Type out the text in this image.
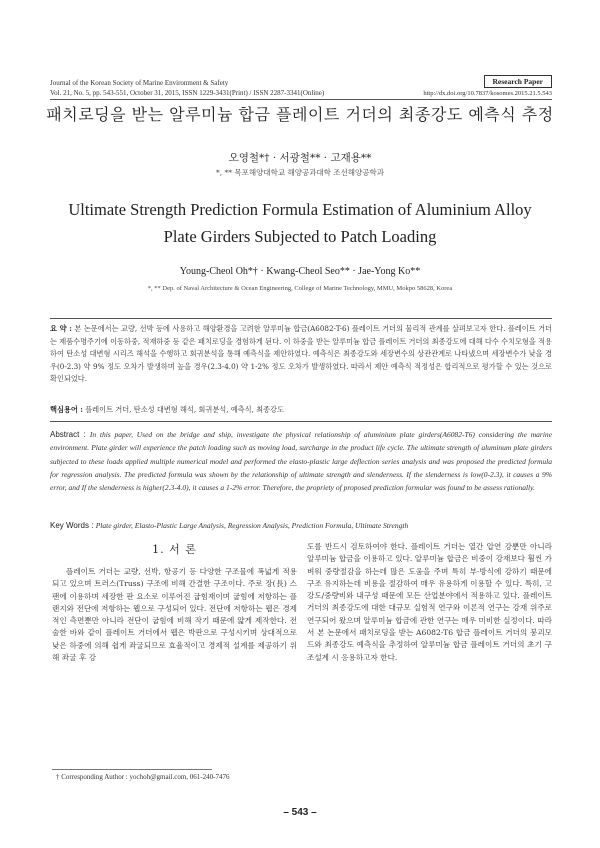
Journal of the Korean Society of Marine Environment & Safety
Vol. 21, No. 5, pp. 543-551, October 31, 2015, ISSN 1229-3431(Print) / ISSN 2287-3341(Online)
Research Paper
http://dx.doi.org/10.7837/kosomes.2015.21.5.543
패치로딩을 받는 알루미늄 합금 플레이트 거더의 최종강도 예측식 추정
오영철*† · 서광철** · 고재용**
*, ** 목포해양대학교 해양공과대학 조선해양공학과
Ultimate Strength Prediction Formula Estimation of Aluminium Alloy
Plate Girders Subjected to Patch Loading
Young-Cheol Oh*† · Kwang-Cheol Seo** · Jae-Yong Ko**
*, ** Dep. of Naval Architecture & Ocean Engineering, College of Marine Technology, MMU, Mokpo 58628, Korea
요 약 : 본 논문에서는 교량, 선박 등에 사용하고 해양환경을 고려한 알루미늄 합금(A6082-T-6) 플레이트 거더의 물리적 관계를 살펴보고자 한다. 플레이트 거더는 제품수명주기에 이동하중, 적재하중 등 같은 패치로딩을 경험하게 된다. 이 하중을 받는 알루미늄 합금 플레이트 거더의 최종강도에 대해 다수 수치모형을 적용하여 탄소성 대변형 시리즈 해석을 수행하고 회귀분석을 통해 예측식을 제안하였다. 예측식은 최종강도와 세장변수의 상관관계로 나타냈으며 세장변수가 낮을 경우(0-2.3) 약 9% 정도 오차가 발생하며 높을 경우(2.3-4.0) 약 1-2% 정도 오차가 발생하였다. 따라서 제안 예측식 적정성은 합리적으로 평가할 수 있는 것으로 확인되었다.
핵심용어 : 플레이트 거더, 탄소성 대변형 해석, 회귀분석, 예측식, 최종강도
Abstract : In this paper, Used on the bridge and ship, investigate the physical relationship of aluminium plate girders(A6082-T6) considering the marine environment. Plate girder will experience the patch loading such as moving load, surcharge in the product life cycle. The ultimate strength of aluminum plate girders subjected to these loads applied multiple numerical model and performed the elasto-plastic large deflection series analysis and was proposed the predicted formula for regression analysis. The predicted formula was shown by the relationship of ultimate strength and slenderness. If the slenderness is low(0-2.3), it causes a 9% error, and If the slenderness is higher(2.3-4.0), it causes a 1-2% error. Therefore, the propriety of proposed prediction formular was found to be assess rationally.
Key Words : Plate girder, Elasto-Plastic Large Analysis, Regression Analysis, Prediction Formula, Ultimate Strength
1. 서 론

플레이트 거더는 교량, 선박, 항공기 등 다양한 구조물에 폭넓게 적용되고 있으며 트러스(Truss) 구조에 비해 간결한 구조이다. 주로 장(長) 스팬에 이용하며 세장한 판 요소로 이루어진 굽힘재이며 굽힘에 저항하는 플랜지와 전단에 저항하는 웹으로 구성되어 있다. 전단에 저항하는 웹은 경제적인 측면뿐만 아니라 전단이 굽힘에 비해 작기 때문에 얇게 제작한다. 전술한 바와 같이 플레이트 거더에서 웹은 박판으로 구성시키며 상대적으로 낮은 하중에 의해 쉽게 좌굴되므로 효율적이고 경제적 설계를 제공하기 위해 좌굴 후 강

도를 반드시 검토하여야 한다. 플레이트 거더는 열간 압연 강뿐만 아니라 알루미늄 합금을 이용하고 있다. 알루미늄 합금은 비중이 강재보다 훨씬 가벼워 중량절감을 하는데 많은 도움을 주며 특히 부·방식에 강하기 때문에 구조 유지하는데 비용을 절감하여 매우 유용하게 이용할 수 있다. 특히, 고강도/중량비와 내구성 때문에 모든 산업분야에서 적용하고 있다. 플레이트 거더의 최종강도에 대한 대규모 실험적 연구와 이론적 연구는 강재 위주로 연구되어 왔으며 알루미늄 합금에 관한 연구는 매우 미비한 실정이다. 따라서 본 논문에서 패치로딩을 받는 A6082-T6 합금 플레이트 거더의 붕괴모드와 최종강도 예측식을 추정하여 알루미늄 합금 플레이트 거더의 초기 구조설계 시 응용하고자 한다.

† Corresponding Author : yochoh@gmail.com, 061-240-7476
– 543 –
